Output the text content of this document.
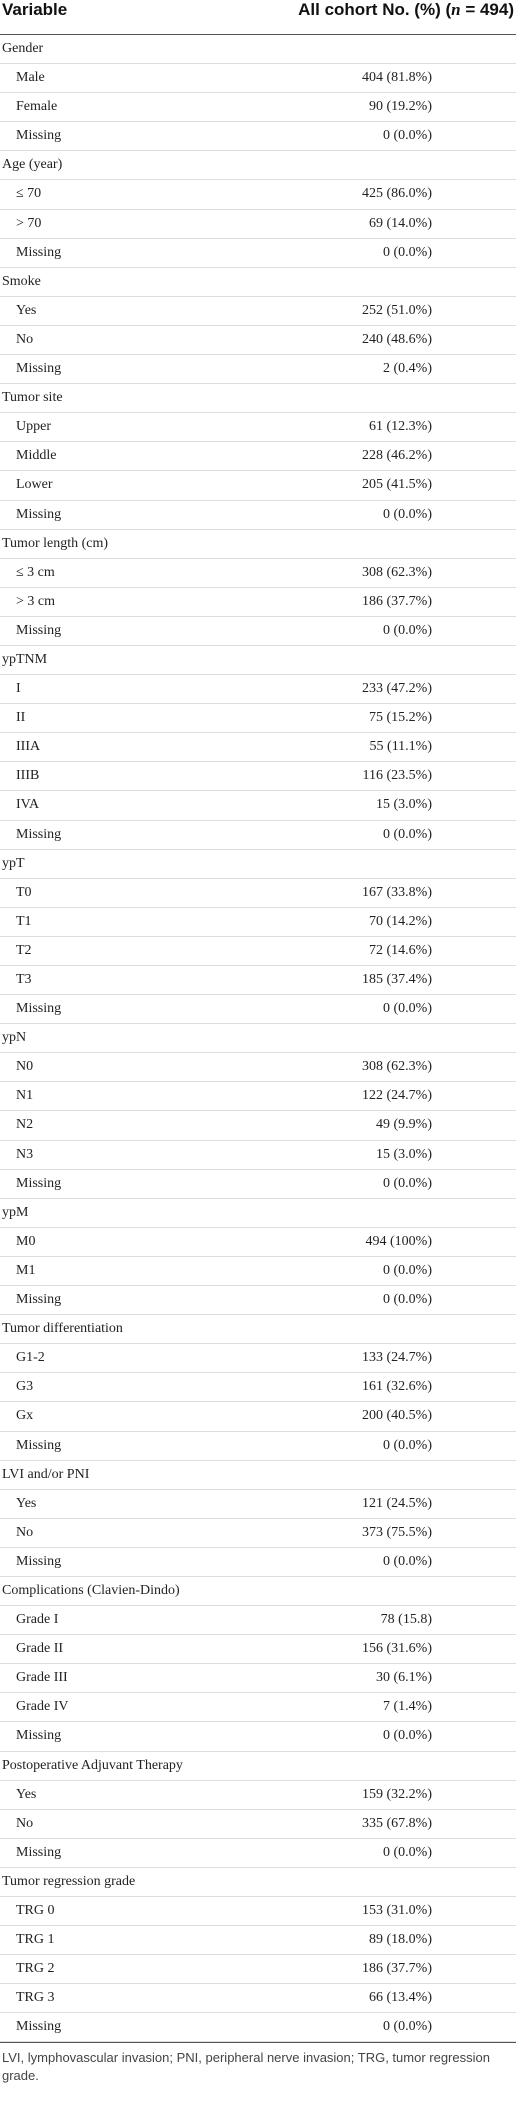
Variable	All cohort No. (%) (n = 494)
Gender
Male	404 (81.8%)
Female	90 (19.2%)
Missing	0 (0.0%)
Age (year)
≤ 70	425 (86.0%)
> 70	69 (14.0%)
Missing	0 (0.0%)
Smoke
Yes	252 (51.0%)
No	240 (48.6%)
Missing	2 (0.4%)
Tumor site
Upper	61 (12.3%)
Middle	228 (46.2%)
Lower	205 (41.5%)
Missing	0 (0.0%)
Tumor length (cm)
≤ 3 cm	308 (62.3%)
> 3 cm	186 (37.7%)
Missing	0 (0.0%)
ypTNM
I	233 (47.2%)
II	75 (15.2%)
IIIA	55 (11.1%)
IIIB	116 (23.5%)
IVA	15 (3.0%)
Missing	0 (0.0%)
ypT
T0	167 (33.8%)
T1	70 (14.2%)
T2	72 (14.6%)
T3	185 (37.4%)
Missing	0 (0.0%)
ypN
N0	308 (62.3%)
N1	122 (24.7%)
N2	49 (9.9%)
N3	15 (3.0%)
Missing	0 (0.0%)
ypM
M0	494 (100%)
M1	0 (0.0%)
Missing	0 (0.0%)
Tumor differentiation
G1-2	133 (24.7%)
G3	161 (32.6%)
Gx	200 (40.5%)
Missing	0 (0.0%)
LVI and/or PNI
Yes	121 (24.5%)
No	373 (75.5%)
Missing	0 (0.0%)
Complications (Clavien-Dindo)
Grade I	78 (15.8)
Grade II	156 (31.6%)
Grade III	30 (6.1%)
Grade IV	7 (1.4%)
Missing	0 (0.0%)
Postoperative Adjuvant Therapy
Yes	159 (32.2%)
No	335 (67.8%)
Missing	0 (0.0%)
Tumor regression grade
TRG 0	153 (31.0%)
TRG 1	89 (18.0%)
TRG 2	186 (37.7%)
TRG 3	66 (13.4%)
Missing	0 (0.0%)
LVI, lymphovascular invasion; PNI, peripheral nerve invasion; TRG, tumor regression grade.
